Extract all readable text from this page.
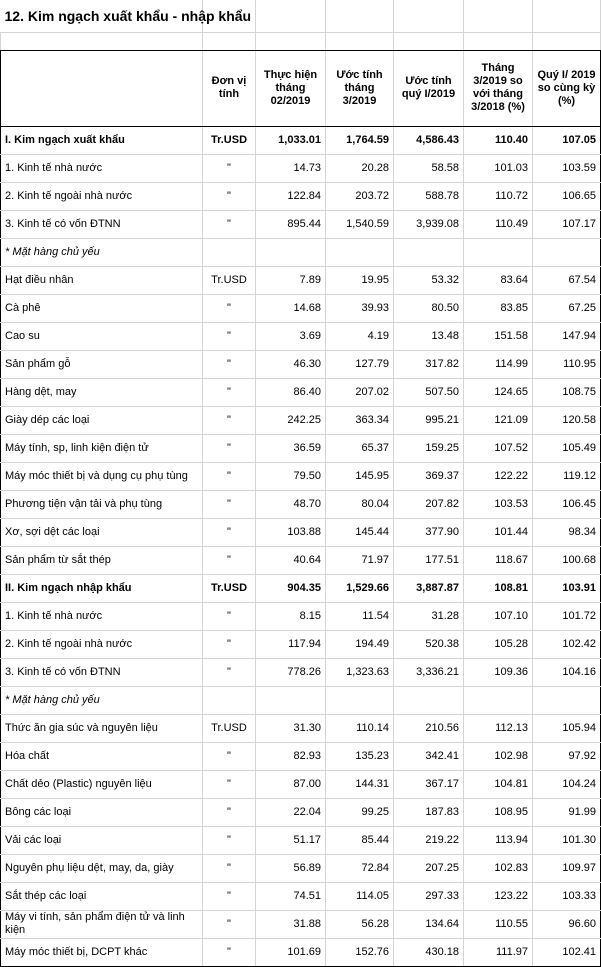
12. Kim ngạch xuất khẩu - nhập khẩu						

	Đơn vị tính	Thực hiện tháng 02/2019	Ước tính tháng 3/2019	Ước tính quý I/2019	Tháng 3/2019 so với tháng 3/2018 (%)	Quý I/ 2019 so cùng kỳ (%)
I. Kim ngạch xuất khẩu	Tr.USD	1,033.01	1,764.59	4,586.43	110.40	107.05
1. Kinh tế nhà nước	"	14.73	20.28	58.58	101.03	103.59
2. Kinh tế ngoài nhà nước	"	122.84	203.72	588.78	110.72	106.65
3. Kinh tế có vốn ĐTNN	"	895.44	1,540.59	3,939.08	110.49	107.17
* Mặt hàng chủ yếu						
Hạt điều nhân	Tr.USD	7.89	19.95	53.32	83.64	67.54
Cà phê	"	14.68	39.93	80.50	83.85	67.25
Cao su	"	3.69	4.19	13.48	151.58	147.94
Sản phẩm gỗ	"	46.30	127.79	317.82	114.99	110.95
Hàng dệt, may	"	86.40	207.02	507.50	124.65	108.75
Giày dép các loại	"	242.25	363.34	995.21	121.09	120.58
Máy tính, sp, linh kiện điện tử	"	36.59	65.37	159.25	107.52	105.49
Máy móc thiết bị và dụng cụ phụ tùng	"	79.50	145.95	369.37	122.22	119.12
Phương tiện vận tải và phụ tùng	"	48.70	80.04	207.82	103.53	106.45
Xơ, sợi dệt các loại	"	103.88	145.44	377.90	101.44	98.34
Sản phẩm từ sắt thép	"	40.64	71.97	177.51	118.67	100.68
II. Kim ngạch nhập khẩu	Tr.USD	904.35	1,529.66	3,887.87	108.81	103.91
1. Kinh tế nhà nước	"	8.15	11.54	31.28	107.10	101.72
2. Kinh tế ngoài nhà nước	"	117.94	194.49	520.38	105.28	102.42
3. Kinh tế có vốn ĐTNN	"	778.26	1,323.63	3,336.21	109.36	104.16
* Mặt hàng chủ yếu						
Thức ăn gia súc và nguyên liệu	Tr.USD	31.30	110.14	210.56	112.13	105.94
Hóa chất	"	82.93	135.23	342.41	102.98	97.92
Chất dẻo (Plastic) nguyên liệu	"	87.00	144.31	367.17	104.81	104.24
Bông các loại	"	22.04	99.25	187.83	108.95	91.99
Vải các loại	"	51.17	85.44	219.22	113.94	101.30
Nguyên phụ liệu dệt, may, da, giày	"	56.89	72.84	207.25	102.83	109.97
Sắt thép các loại	"	74.51	114.05	297.33	123.22	103.33
Máy vi tính, sản phẩm điện tử và linh kiện	"	31.88	56.28	134.64	110.55	96.60
Máy móc thiết bị, DCPT khác	"	101.69	152.76	430.18	111.97	102.41
